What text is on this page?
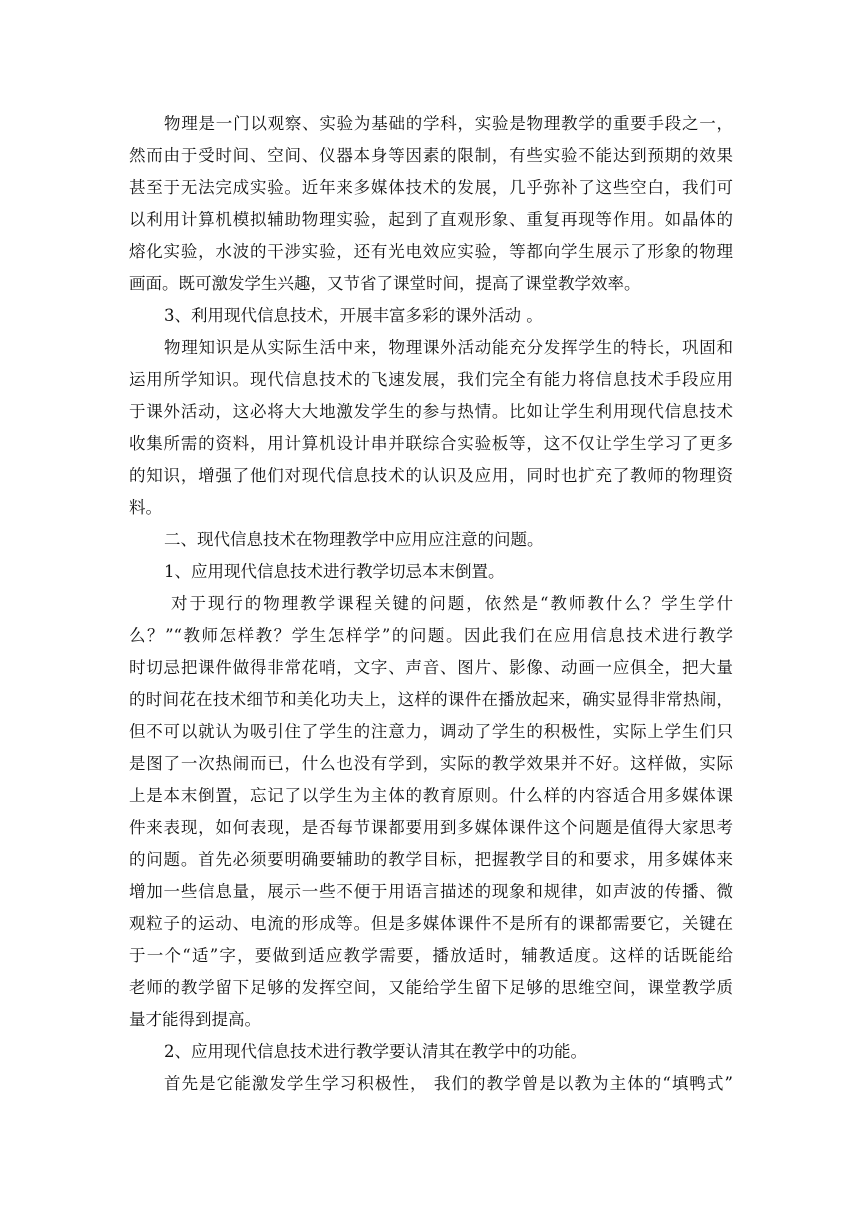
物理是一门以观察、实验为基础的学科，实验是物理教学的重要手段之一，
然而由于受时间、空间、仪器本身等因素的限制，有些实验不能达到预期的效果
甚至于无法完成实验。近年来多媒体技术的发展，几乎弥补了这些空白，我们可
以利用计算机模拟辅助物理实验，起到了直观形象、重复再现等作用。如晶体的
熔化实验，水波的干涉实验，还有光电效应实验，等都向学生展示了形象的物理
画面。既可激发学生兴趣，又节省了课堂时间，提高了课堂教学效率。
3、利用现代信息技术，开展丰富多彩的课外活动 。
物理知识是从实际生活中来，物理课外活动能充分发挥学生的特长，巩固和
运用所学知识。现代信息技术的飞速发展，我们完全有能力将信息技术手段应用
于课外活动，这必将大大地激发学生的参与热情。比如让学生利用现代信息技术
收集所需的资料，用计算机设计串并联综合实验板等，这不仅让学生学习了更多
的知识，增强了他们对现代信息技术的认识及应用，同时也扩充了教师的物理资
料。
二、现代信息技术在物理教学中应用应注意的问题。
1、应用现代信息技术进行教学切忌本末倒置。
对于现行的物理教学课程关键的问题，依然是“教师教什么？学生学什
么？”“教师怎样教？学生怎样学”的问题。因此我们在应用信息技术进行教学
时切忌把课件做得非常花哨，文字、声音、图片、影像、动画一应俱全，把大量
的时间花在技术细节和美化功夫上，这样的课件在播放起来，确实显得非常热闹，
但不可以就认为吸引住了学生的注意力，调动了学生的积极性，实际上学生们只
是图了一次热闹而已，什么也没有学到，实际的教学效果并不好。这样做，实际
上是本末倒置，忘记了以学生为主体的教育原则。什么样的内容适合用多媒体课
件来表现，如何表现，是否每节课都要用到多媒体课件这个问题是值得大家思考
的问题。首先必须要明确要辅助的教学目标，把握教学目的和要求，用多媒体来
增加一些信息量，展示一些不便于用语言描述的现象和规律，如声波的传播、微
观粒子的运动、电流的形成等。但是多媒体课件不是所有的课都需要它，关键在
于一个“适”字，要做到适应教学需要，播放适时，辅教适度。这样的话既能给
老师的教学留下足够的发挥空间，又能给学生留下足够的思维空间，课堂教学质
量才能得到提高。
2、应用现代信息技术进行教学要认清其在教学中的功能。
首先是它能激发学生学习积极性， 我们的教学曾是以教为主体的“填鸭式”
